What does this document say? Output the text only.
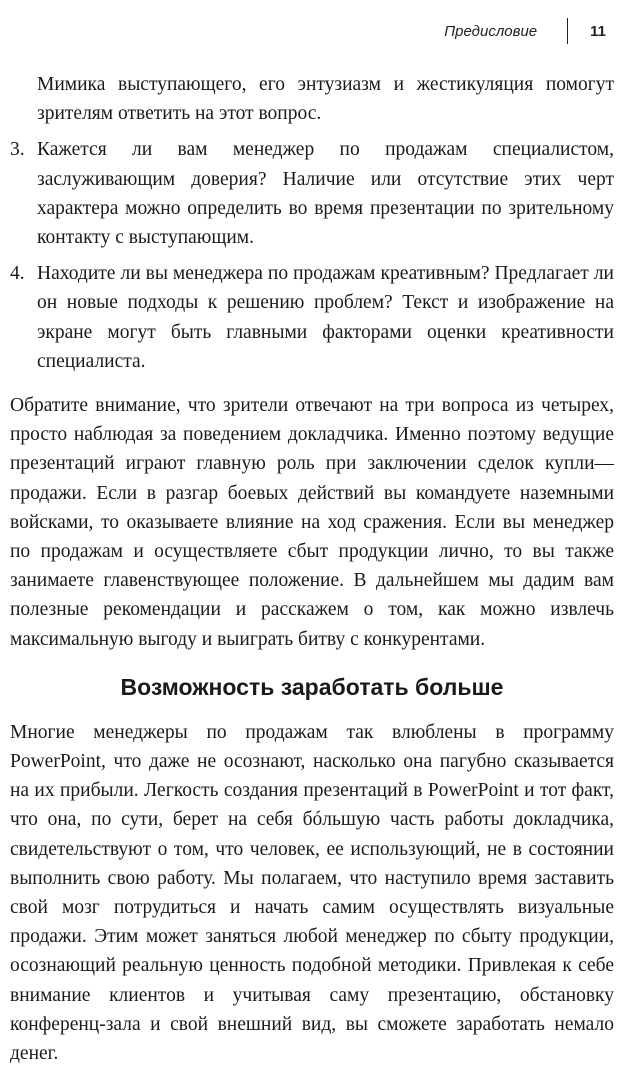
Предисловие	11

Мимика выступающего, его энтузиазм и жестикуляция помогут зрителям ответить на этот вопрос.

3. Кажется ли вам менеджер по продажам специалистом, заслуживающим доверия? Наличие или отсутствие этих черт характера можно определить во время презентации по зрительному контакту с выступающим.
4. Находите ли вы менеджера по продажам креативным? Предлагает ли он новые подходы к решению проблем? Текст и изображение на экране могут быть главными факторами оценки креативности специалиста.

Обратите внимание, что зрители отвечают на три вопроса из четырех, просто наблюдая за поведением докладчика. Именно поэтому ведущие презентаций играют главную роль при заключении сделок купли—продажи. Если в разгар боевых действий вы командуете наземными войсками, то оказываете влияние на ход сражения. Если вы менеджер по продажам и осуществляете сбыт продукции лично, то вы также занимаете главенствующее положение. В дальнейшем мы дадим вам полезные рекомендации и расскажем о том, как можно извлечь максимальную выгоду и выиграть битву с конкурентами.

Возможность заработать больше

Многие менеджеры по продажам так влюблены в программу PowerPoint, что даже не осознают, насколько она пагубно сказывается на их прибыли. Легкость создания презентаций в PowerPoint и тот факт, что она, по сути, берет на себя бóльшую часть работы докладчика, свидетельствуют о том, что человек, ее использующий, не в состоянии выполнить свою работу. Мы полагаем, что наступило время заставить свой мозг потрудиться и начать самим осуществлять визуальные продажи. Этим может заняться любой менеджер по сбыту продукции, осознающий реальную ценность подобной методики. Привлекая к себе внимание клиентов и учитывая саму презентацию, обстановку конференц-зала и свой внешний вид, вы сможете заработать немало денег.
